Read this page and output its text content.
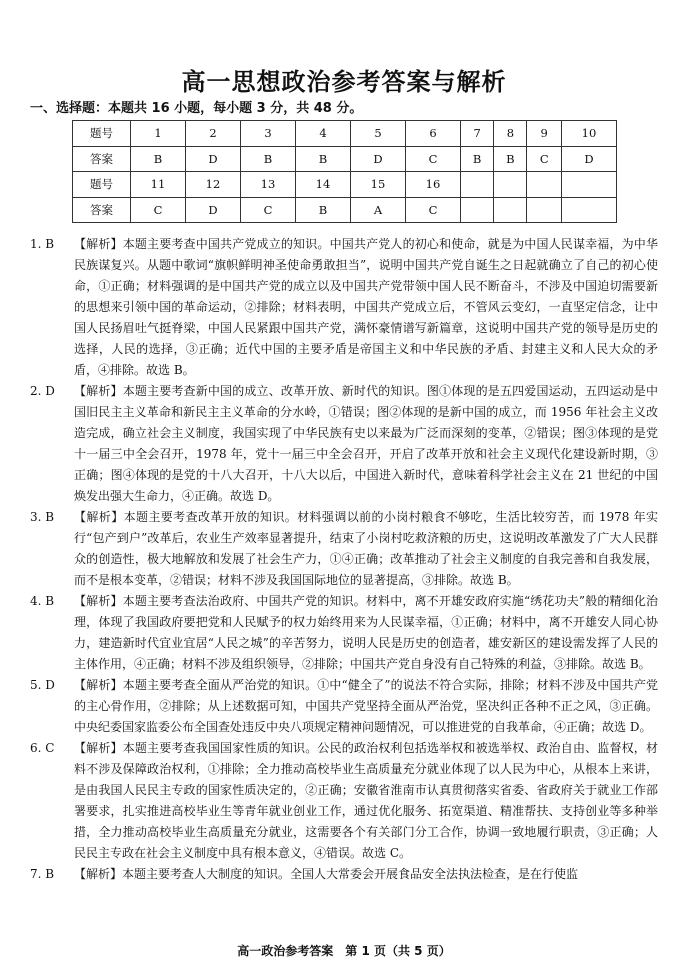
高一思想政治参考答案与解析
一、选择题：本题共 16 小题，每小题 3 分，共 48 分。
题号	1	2	3	4	5	6	7	8	9	10
答案	B	D	B	B	D	C	B	B	C	D
题号	11	12	13	14	15	16				
答案	C	D	C	B	A	C				
1. B	【解析】本题主要考查中国共产党成立的知识。中国共产党人的初心和使命，就是为中国人民谋幸福，为中华民族谋复兴。从题中歌词“旗帜鲜明神圣使命勇敢担当”，说明中国共产党自诞生之日起就确立了自己的初心使命，①正确；材料强调的是中国共产党的成立以及中国共产党带领中国人民不断奋斗，不涉及中国迫切需要新的思想来引领中国的革命运动，②排除；材料表明，中国共产党成立后，不管风云变幻，一直坚定信念，让中国人民扬眉吐气挺脊梁，中国人民紧跟中国共产党，满怀豪情谱写新篇章，这说明中国共产党的领导是历史的选择，人民的选择，③正确；近代中国的主要矛盾是帝国主义和中华民族的矛盾、封建主义和人民大众的矛盾，④排除。故选 B。
2. D	【解析】本题主要考查新中国的成立、改革开放、新时代的知识。图①体现的是五四爱国运动，五四运动是中国旧民主主义革命和新民主主义革命的分水岭，①错误；图②体现的是新中国的成立，而 1956 年社会主义改造完成，确立社会主义制度，我国实现了中华民族有史以来最为广泛而深刻的变革，②错误；图③体现的是党十一届三中全会召开，1978 年，党十一届三中全会召开，开启了改革开放和社会主义现代化建设新时期，③正确；图④体现的是党的十八大召开，十八大以后，中国进入新时代，意味着科学社会主义在 21 世纪的中国焕发出强大生命力，④正确。故选 D。
3. B	【解析】本题主要考查改革开放的知识。材料强调以前的小岗村粮食不够吃，生活比较穷苦，而 1978 年实行“包产到户”改革后，农业生产效率显著提升，结束了小岗村吃救济粮的历史，这说明改革激发了广大人民群众的创造性，极大地解放和发展了社会生产力，①④正确；改革推动了社会主义制度的自我完善和自我发展，而不是根本变革，②错误；材料不涉及我国国际地位的显著提高，③排除。故选 B。
4. B	【解析】本题主要考查法治政府、中国共产党的知识。材料中，离不开雄安政府实施“绣花功夫”般的精细化治理，体现了我国政府要把党和人民赋予的权力始终用来为人民谋幸福，①正确；材料中，离不开雄安人同心协力，建造新时代宜业宜居“人民之城”的辛苦努力，说明人民是历史的创造者，雄安新区的建设需发挥了人民的主体作用，④正确；材料不涉及组织领导，②排除；中国共产党自身没有自己特殊的利益，③排除。故选 B。
5. D	【解析】本题主要考查全面从严治党的知识。①中“健全了”的说法不符合实际，排除；材料不涉及中国共产党的主心骨作用，②排除；从上述数据可知，中国共产党坚持全面从严治党，坚决纠正各种不正之风，③正确。中央纪委国家监委公布全国查处违反中央八项规定精神问题情况，可以推进党的自我革命，④正确；故选 D。
6. C	【解析】本题主要考查我国国家性质的知识。公民的政治权利包括选举权和被选举权、政治自由、监督权，材料不涉及保障政治权利，①排除；全力推动高校毕业生高质量充分就业体现了以人民为中心，从根本上来讲，是由我国人民民主专政的国家性质决定的，②正确；安徽省淮南市认真贯彻落实省委、省政府关于就业工作部署要求，扎实推进高校毕业生等青年就业创业工作，通过优化服务、拓宽渠道、精准帮扶、支持创业等多种举措，全力推动高校毕业生高质量充分就业，这需要各个有关部门分工合作，协调一致地履行职责，③正确；人民民主专政在社会主义制度中具有根本意义，④错误。故选 C。
7. B	【解析】本题主要考查人大制度的知识。全国人大常委会开展食品安全法执法检查，是在行使监
高一政治参考答案　第 1 页（共 5 页）
